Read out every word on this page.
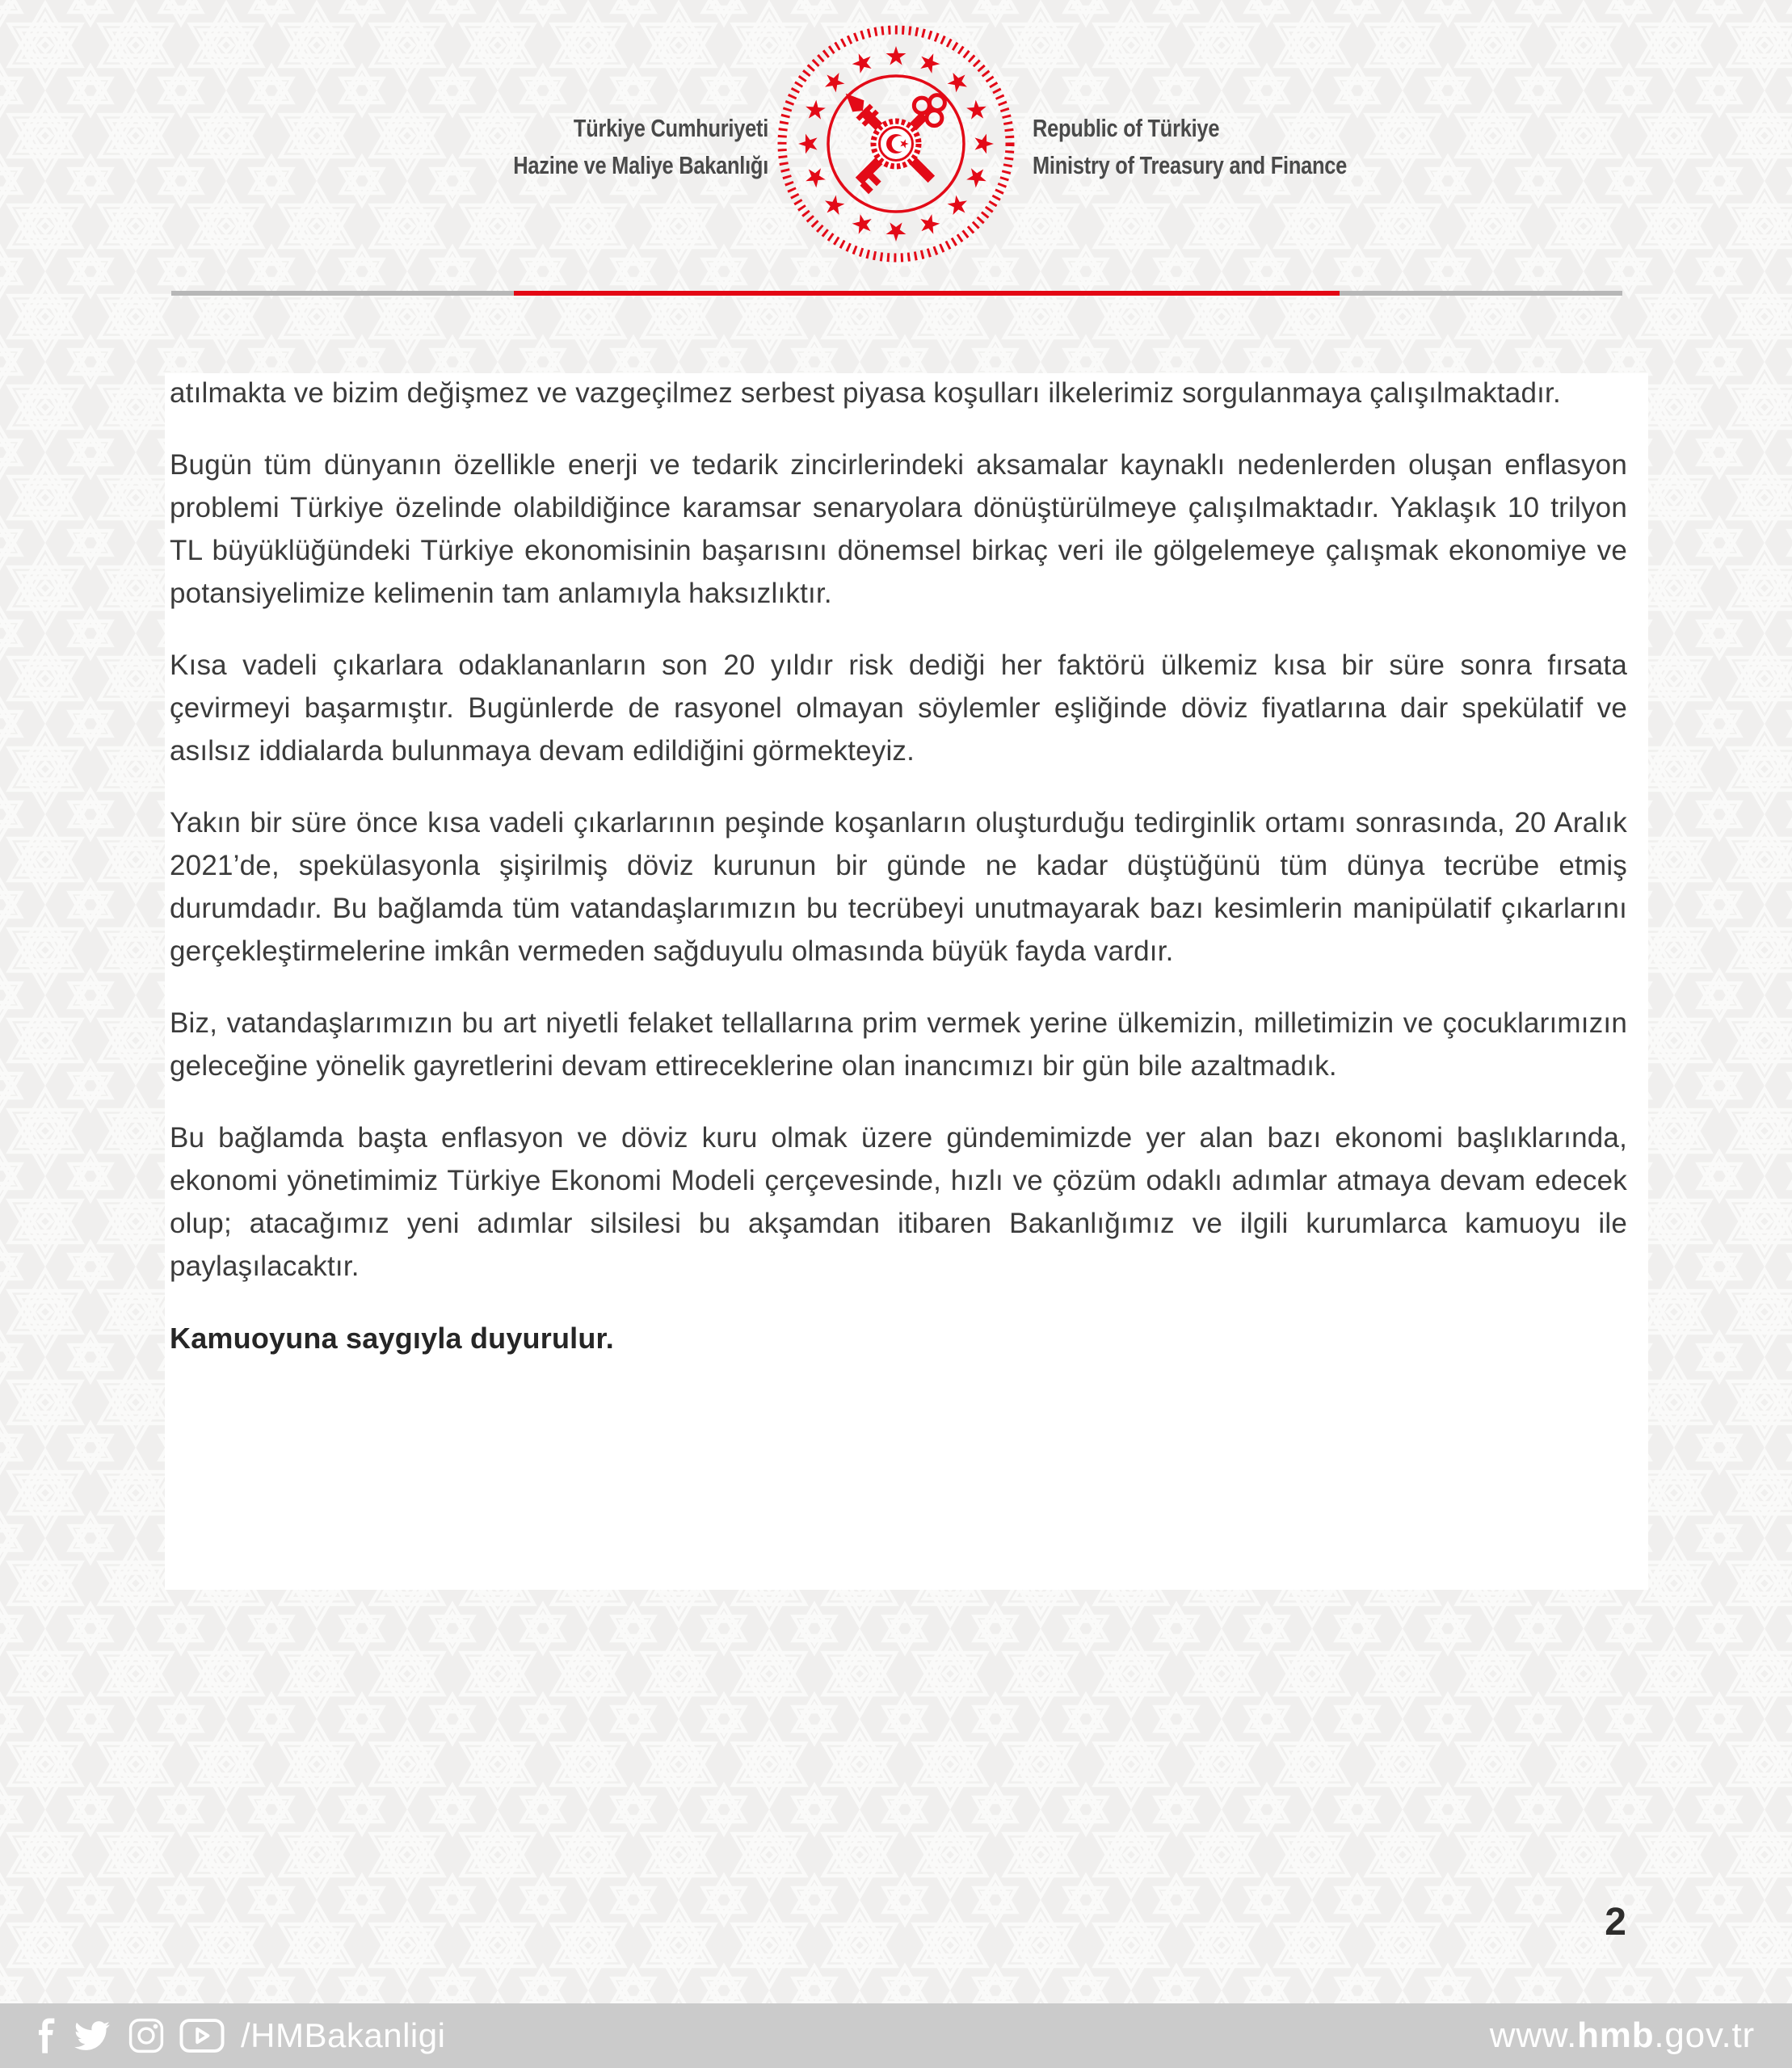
Türkiye Cumhuriyeti
Hazine ve Maliye Bakanlığı
Republic of Türkiye
Ministry of Treasury and Finance

atılmakta ve bizim değişmez ve vazgeçilmez serbest piyasa koşulları ilkelerimiz sorgulanmaya çalışılmaktadır.

Bugün tüm dünyanın özellikle enerji ve tedarik zincirlerindeki aksamalar kaynaklı nedenlerden oluşan enflasyon problemi Türkiye özelinde olabildiğince karamsar senaryolara dönüştürülmeye çalışılmaktadır. Yaklaşık 10 trilyon TL büyüklüğündeki Türkiye ekonomisinin başarısını dönemsel birkaç veri ile gölgelemeye çalışmak ekonomiye ve potansiyelimize kelimenin tam anlamıyla haksızlıktır.

Kısa vadeli çıkarlara odaklananların son 20 yıldır risk dediği her faktörü ülkemiz kısa bir süre sonra fırsata çevirmeyi başarmıştır. Bugünlerde de rasyonel olmayan söylemler eşliğinde döviz fiyatlarına dair spekülatif ve asılsız iddialarda bulunmaya devam edildiğini görmekteyiz.

Yakın bir süre önce kısa vadeli çıkarlarının peşinde koşanların oluşturduğu tedirginlik ortamı sonrasında, 20 Aralık 2021’de, spekülasyonla şişirilmiş döviz kurunun bir günde ne kadar düştüğünü tüm dünya tecrübe etmiş durumdadır. Bu bağlamda tüm vatandaşlarımızın bu tecrübeyi unutmayarak bazı kesimlerin manipülatif çıkarlarını gerçekleştirmelerine imkân vermeden sağduyulu olmasında büyük fayda vardır.

Biz, vatandaşlarımızın bu art niyetli felaket tellallarına prim vermek yerine ülkemizin, milletimizin ve çocuklarımızın geleceğine yönelik gayretlerini devam ettireceklerine olan inancımızı bir gün bile azaltmadık.

Bu bağlamda başta enflasyon ve döviz kuru olmak üzere gündemimizde yer alan bazı ekonomi başlıklarında, ekonomi yönetimimiz Türkiye Ekonomi Modeli çerçevesinde, hızlı ve çözüm odaklı adımlar atmaya devam edecek olup; atacağımız yeni adımlar silsilesi bu akşamdan itibaren Bakanlığımız ve ilgili kurumlarca kamuoyu ile paylaşılacaktır.

Kamuoyuna saygıyla duyurulur.

2
/HMBakanligi	www.hmb.gov.tr
